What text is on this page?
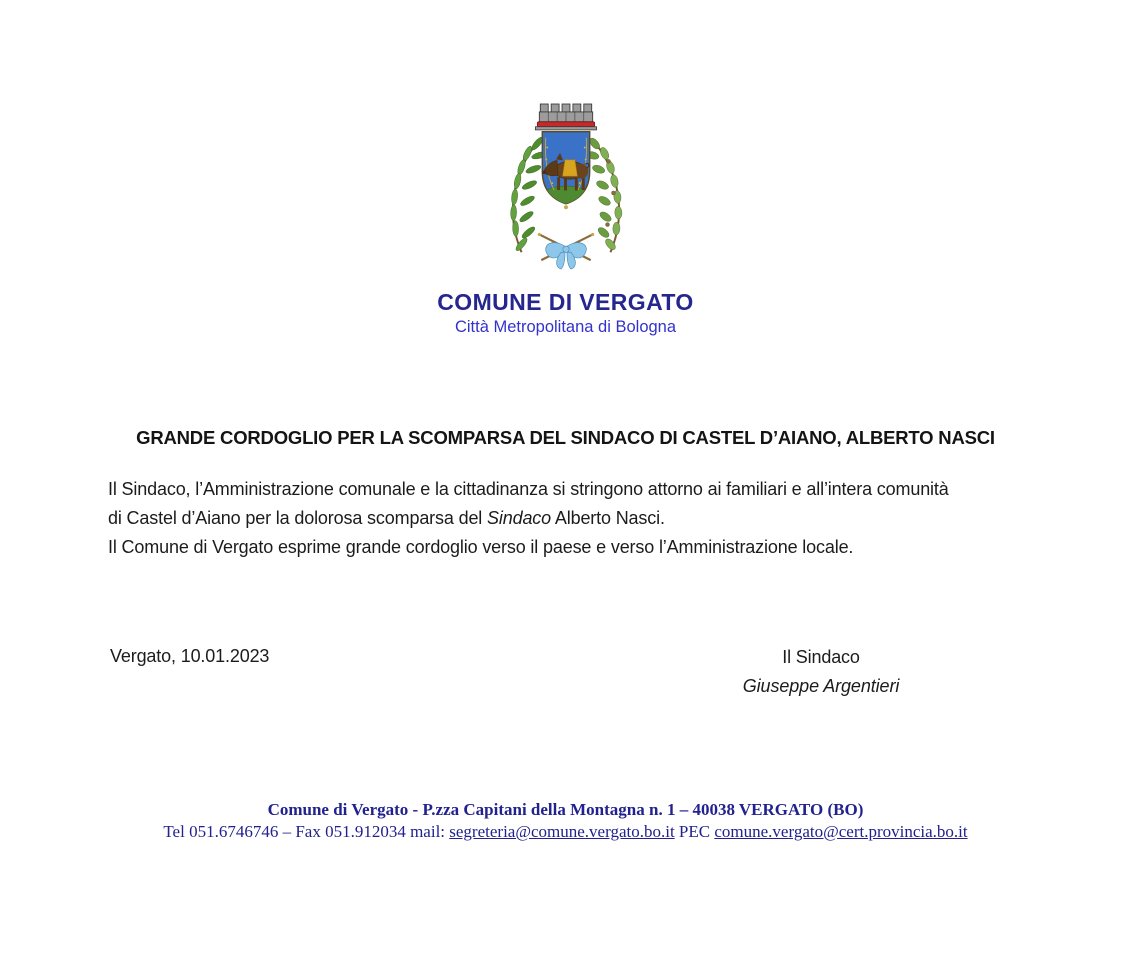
COMUNE DI VERGATO
Città Metropolitana di Bologna
GRANDE CORDOGLIO PER LA SCOMPARSA DEL SINDACO DI CASTEL D’AIANO, ALBERTO NASCI
Il Sindaco, l’Amministrazione comunale e la cittadinanza si stringono attorno ai familiari e all’intera comunità
di Castel d’Aiano per la dolorosa scomparsa del Sindaco Alberto Nasci.
Il Comune di Vergato esprime grande cordoglio verso il paese e verso l’Amministrazione locale.
Vergato, 10.01.2023	Il Sindaco
Giuseppe Argentieri
Comune di Vergato - P.zza Capitani della Montagna n. 1 – 40038 VERGATO (BO)
Tel 051.6746746 – Fax 051.912034 mail: segreteria@comune.vergato.bo.it PEC comune.vergato@cert.provincia.bo.it
